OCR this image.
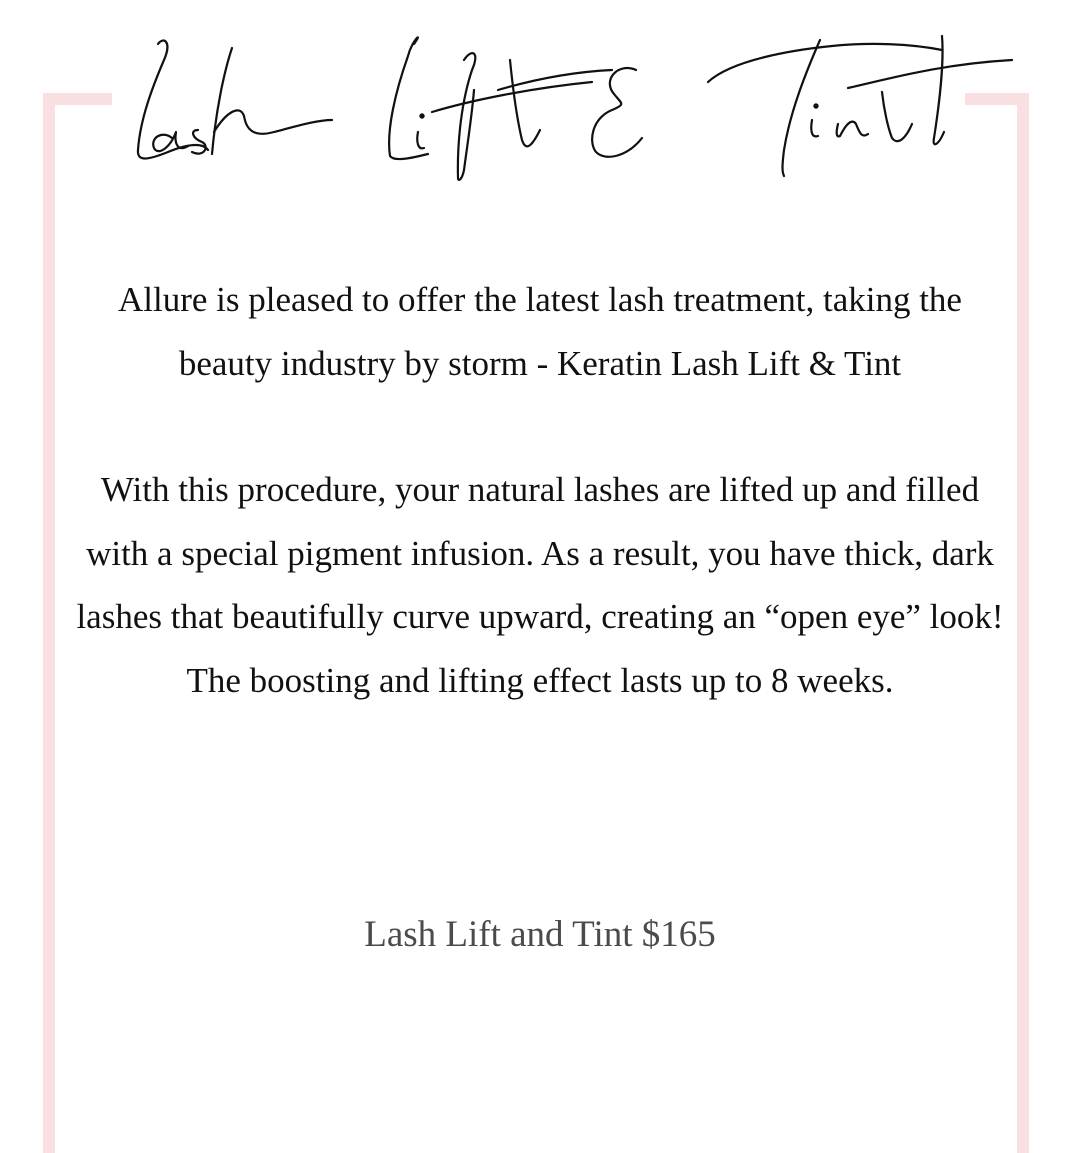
Allure is pleased to offer the latest lash treatment, taking the beauty industry by storm - Keratin Lash Lift & Tint

With this procedure, your natural lashes are lifted up and filled with a special pigment infusion. As a result, you have thick, dark lashes that beautifully curve upward, creating an “open eye” look! The boosting and lifting effect lasts up to 8 weeks.

Lash Lift and Tint $165
